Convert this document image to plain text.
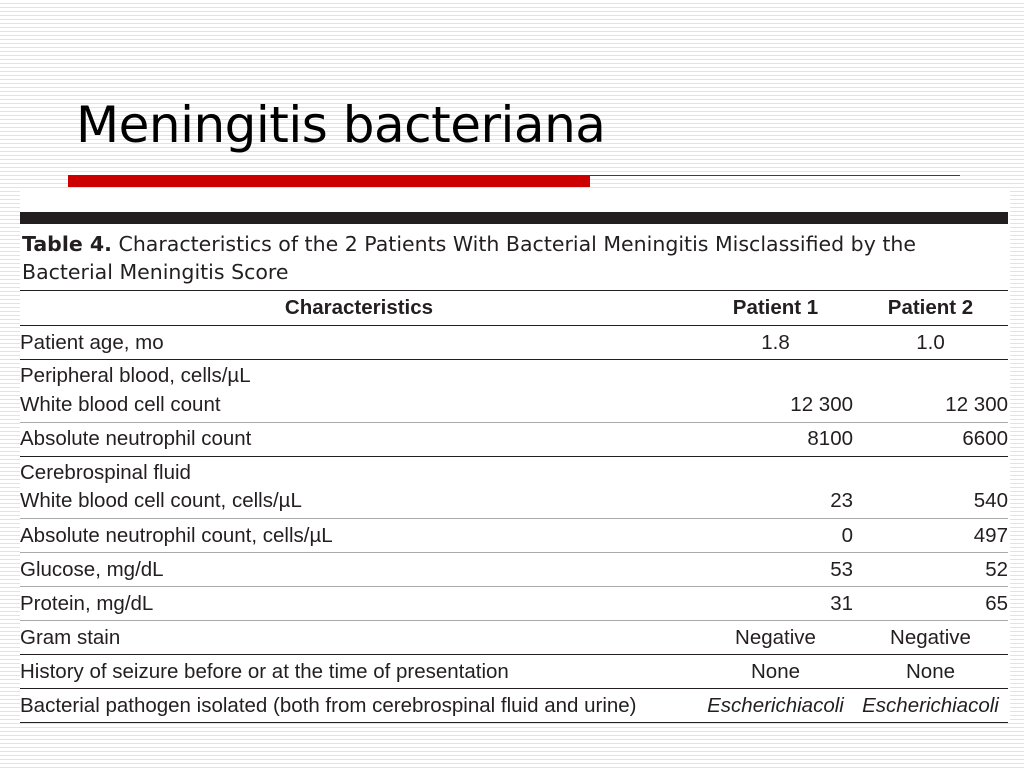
Meningitis bacteriana

Table 4. Characteristics of the 2 Patients With Bacterial Meningitis Misclassified by the Bacterial Meningitis Score

Characteristics	Patient 1	Patient 2
Patient age, mo	1.8	1.0
Peripheral blood, cells/µL		
White blood cell count	12 300	12 300
Absolute neutrophil count	8100	6600
Cerebrospinal fluid		
White blood cell count, cells/µL	23	540
Absolute neutrophil count, cells/µL	0	497
Glucose, mg/dL	53	52
Protein, mg/dL	31	65
Gram stain	Negative	Negative
History of seizure before or at the time of presentation	None	None
Bacterial pathogen isolated (both from cerebrospinal fluid and urine)	Escherichiacoli	Escherichiacoli
